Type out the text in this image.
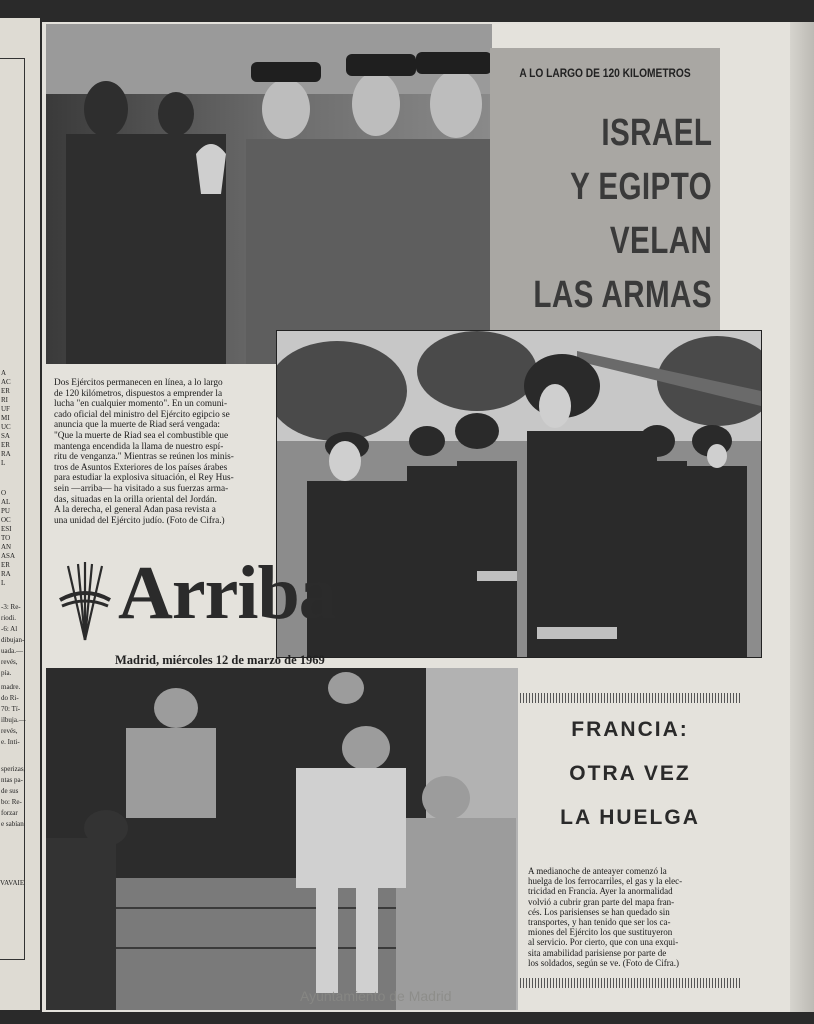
A
AC
ER
RI
UF
MI
UC
SA
ER
RA
L
O
AL
PU
OC
ESI
TO
AN
ASA
ER
RA
L
-3: Re-
riodi.
-6: Al
dibujan-
uada.—
revés,
pía.
madre.
do Ri-
70: Tí-
ilbuja.—
revés,
e. Inti-
sperizas,
ntas pa-
de sus
bo: Re-
forzar
e sabían
VAVAIE
A LO LARGO DE 120 KILOMETROS
ISRAEL
Y EGIPTO
VELAN
LAS ARMAS
Dos Ejércitos permanecen en línea, a lo largo
de 120 kilómetros, dispuestos a emprender la
lucha "en cualquier momento". En un comuni-
cado oficial del ministro del Ejército egipcio se
anuncia que la muerte de Riad será vengada:
"Que la muerte de Riad sea el combustible que
mantenga encendida la llama de nuestro espí-
ritu de venganza." Mientras se reúnen los minis-
tros de Asuntos Exteriores de los países árabes
para estudiar la explosiva situación, el Rey Hus-
sein —arriba— ha visitado a sus fuerzas arma-
das, situadas en la orilla oriental del Jordán.
A la derecha, el general Adan pasa revista a
una unidad del Ejército judío. (Foto de Cifra.)
Arriba
Madrid, miércoles 12 de marzo de 1969
FRANCIA:
OTRA VEZ
LA HUELGA
A medianoche de anteayer comenzó la
huelga de los ferrocarriles, el gas y la elec-
tricidad en Francia. Ayer la anormalidad
volvió a cubrir gran parte del mapa fran-
cés. Los parisienses se han quedado sin
transportes, y han tenido que ser los ca-
miones del Ejército los que sustituyeron
al servicio. Por cierto, que con una exqui-
sita amabilidad parisiense por parte de
los soldados, según se ve. (Foto de Cifra.)
Ayuntamiento de Madrid
